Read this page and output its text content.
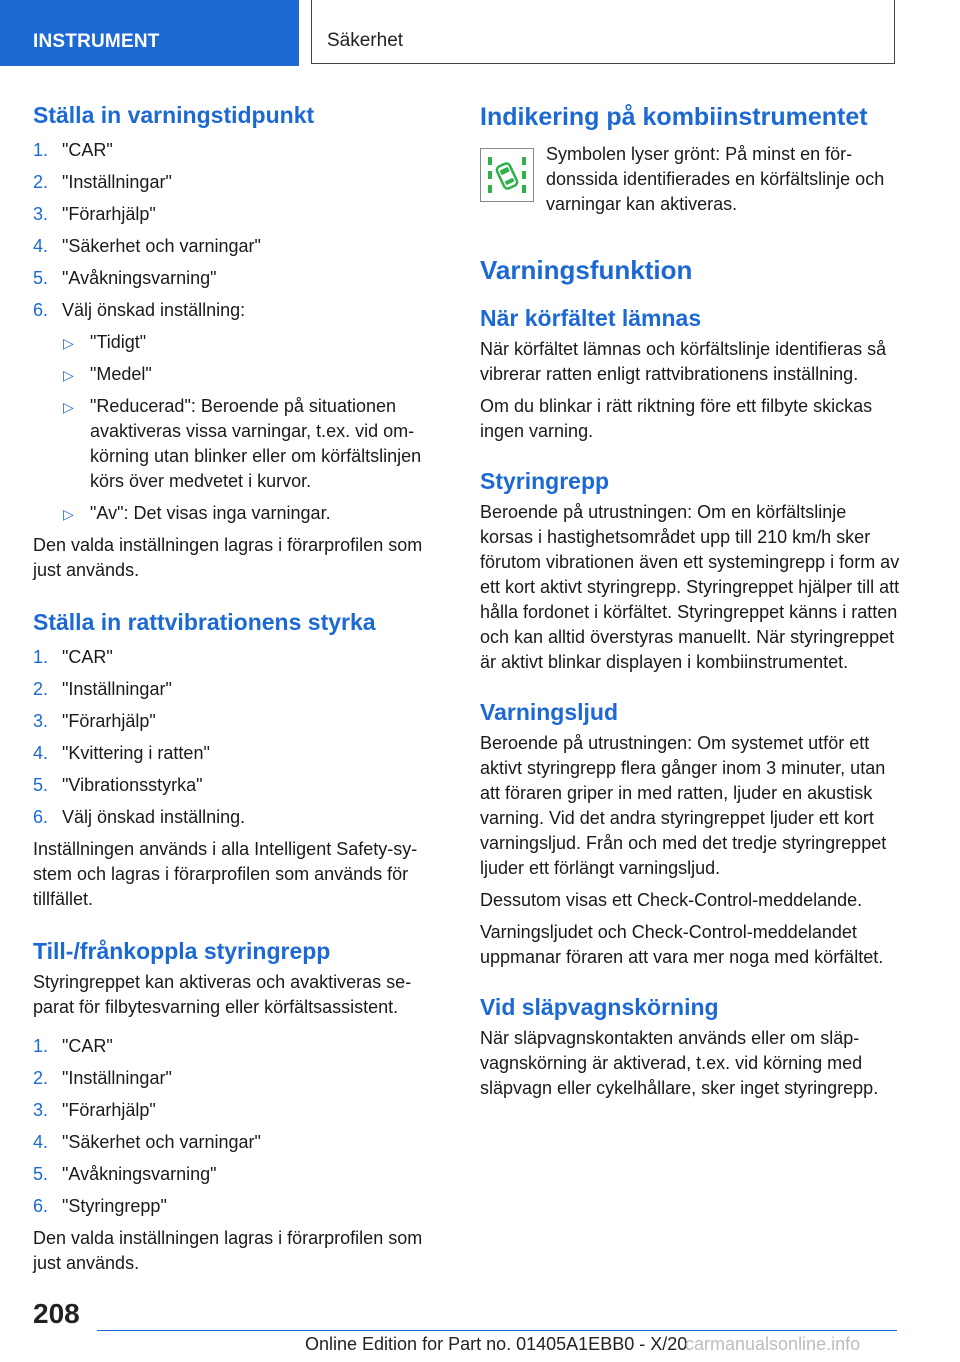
INSTRUMENT	Säkerhet
Ställa in varningstidpunkt
1. "CAR"
2. "Inställningar"
3. "Förarhjälp"
4. "Säkerhet och varningar"
5. "Avåkningsvarning"
6. Välj önskad inställning:
▷ "Tidigt"
▷ "Medel"
▷ "Reducerad": Beroende på situationen avaktiveras vissa varningar, t.ex. vid omkörning utan blinker eller om körfältslinjen körs över medvetet i kurvor.
▷ "Av": Det visas inga varningar.

Den valda inställningen lagras i förarprofilen som just används.

Ställa in rattvibrationens styrka
1. "CAR"
2. "Inställningar"
3. "Förarhjälp"
4. "Kvittering i ratten"
5. "Vibrationsstyrka"
6. Välj önskad inställning.

Inställningen används i alla Intelligent Safety-system och lagras i förarprofilen som används för tillfället.

Till-/frånkoppla styringrepp

Styringreppet kan aktiveras och avaktiveras separat för filbytesvarning eller körfältsassistent.

1. "CAR"
2. "Inställningar"
3. "Förarhjälp"
4. "Säkerhet och varningar"
5. "Avåkningsvarning"
6. "Styringrepp"

Den valda inställningen lagras i förarprofilen som just används.

Indikering på kombiinstrumentet
Symbolen lyser grönt: På minst en fördonssida identifierades en körfältslinje och varningar kan aktiveras.
Varningsfunktion
När körfältet lämnas

När körfältet lämnas och körfältslinje identifieras så vibrerar ratten enligt rattvibrationens inställning.

Om du blinkar i rätt riktning före ett filbyte skickas ingen varning.

Styringrepp

Beroende på utrustningen: Om en körfältslinje korsas i hastighetsområdet upp till 210 km/h sker förutom vibrationen även ett systemingrepp i form av ett kort aktivt styringrepp. Styringreppet hjälper till att hålla fordonet i körfältet. Styringreppet känns i ratten och kan alltid överstyras manuellt. När styringreppet är aktivt blinkar displayen i kombiinstrumentet.

Varningsljud

Beroende på utrustningen: Om systemet utför ett aktivt styringrepp flera gånger inom 3 minuter, utan att föraren griper in med ratten, ljuder en akustisk varning. Vid det andra styringreppet ljuder ett kort varningsljud. Från och med det tredje styringreppet ljuder ett förlängt varningsljud.

Dessutom visas ett Check-Control-meddelande.

Varningsljudet och Check-Control-meddelandet uppmanar föraren att vara mer noga med körfältet.

Vid släpvagnskörning

När släpvagnskontakten används eller om släpvagnskörning är aktiverad, t.ex. vid körning med släpvagn eller cykelhållare, sker inget styringrepp.

208
Online Edition for Part no. 01405A1EBB0 - X/20
carmanualsonline.info
